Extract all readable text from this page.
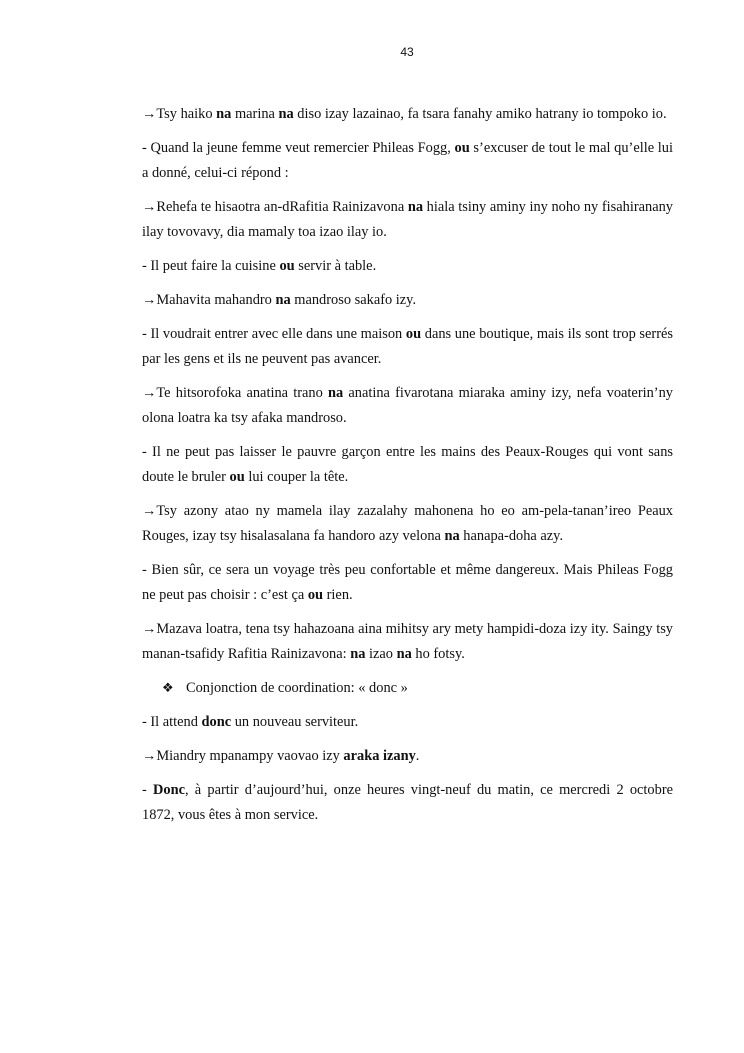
43

→Tsy haiko na marina na diso izay lazainao, fa tsara fanahy amiko hatrany io tompoko io.

- Quand la jeune femme veut remercier Phileas Fogg, ou s’excuser de tout le mal qu’elle lui a donné, celui-ci répond :

→Rehefa te hisaotra an-dRafitia Rainizavona na hiala tsiny aminy iny noho ny fisahiranany ilay tovovavy, dia mamaly toa izao ilay io.

- Il peut faire la cuisine ou servir à table.

→Mahavita mahandro na mandroso sakafo izy.

- Il voudrait entrer avec elle dans une maison ou dans une boutique, mais ils sont trop serrés par les gens et ils ne peuvent pas avancer.

→Te hitsorofoka anatina trano na anatina fivarotana miaraka aminy izy, nefa voaterin’ny olona loatra ka tsy afaka mandroso.

- Il ne peut pas laisser le pauvre garçon entre les mains des Peaux-Rouges qui vont sans doute le bruler ou lui couper la tête.

→Tsy azony atao ny mamela ilay zazalahy mahonena ho eo am-pela-tanan’ireo Peaux Rouges, izay tsy hisalasalana fa handoro azy velona na hanapa-doha azy.

- Bien sûr, ce sera un voyage très peu confortable et même dangereux. Mais Phileas Fogg ne peut pas choisir : c’est ça ou rien.

→Mazava loatra, tena tsy hahazoana aina mihitsy ary mety hampidi-doza izy ity. Saingy tsy manan-tsafidy Rafitia Rainizavona: na izao na ho fotsy.

❖ Conjonction de coordination: « donc »

- Il attend donc un nouveau serviteur.

→Miandry mpanampy vaovao izy araka izany.

- Donc, à partir d’aujourd’hui, onze heures vingt-neuf du matin, ce mercredi 2 octobre 1872, vous êtes à mon service.
